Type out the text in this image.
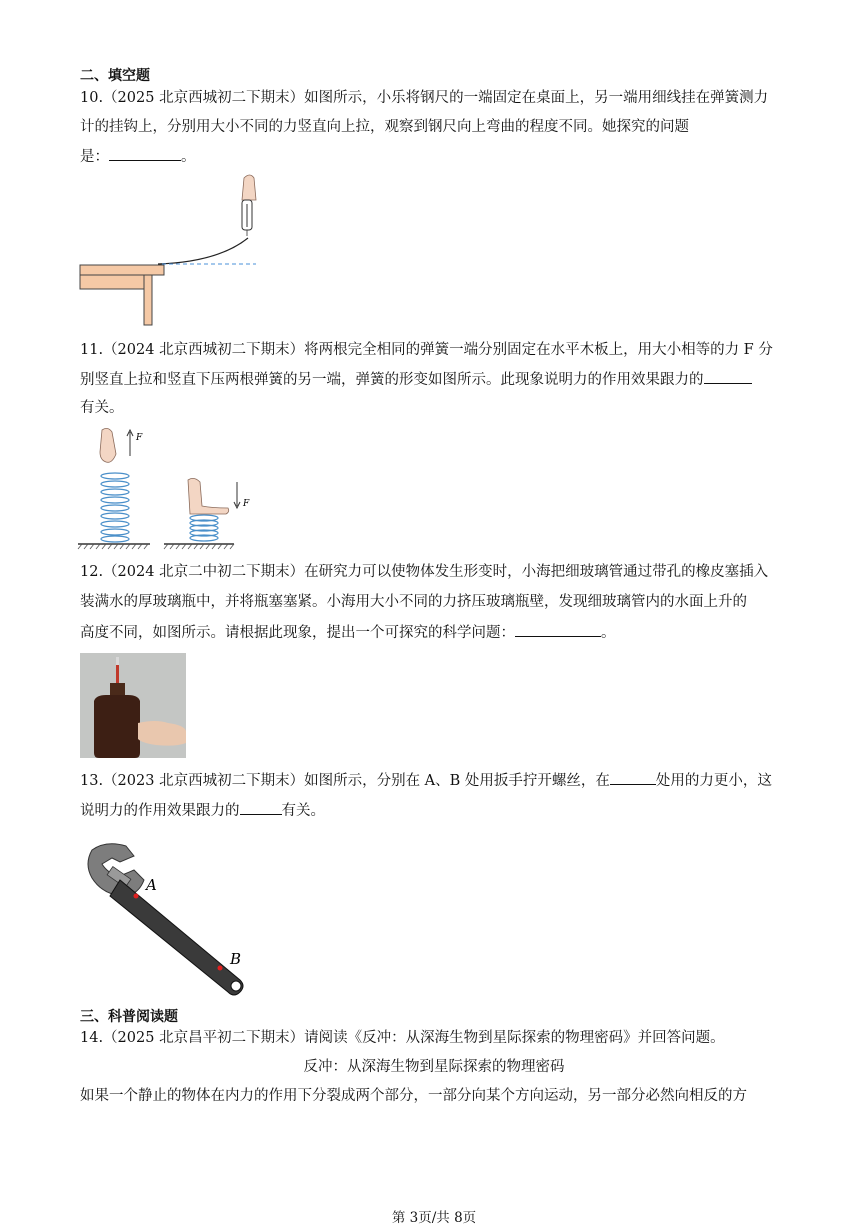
二、填空题
10.（2025 北京西城初二下期末）如图所示，小乐将钢尺的一端固定在桌面上，另一端用细线挂在弹簧测力
计的挂钩上，分别用大小不同的力竖直向上拉，观察到钢尺向上弯曲的程度不同。她探究的问题
是：	。
11.（2024 北京西城初二下期末）将两根完全相同的弹簧一端分别固定在水平木板上，用大小相等的力 F 分
别竖直上拉和竖直下压两根弹簧的另一端，弹簧的形变如图所示。此现象说明力的作用效果跟力的
有关。
F
F
12.（2024 北京二中初二下期末）在研究力可以使物体发生形变时，小海把细玻璃管通过带孔的橡皮塞插入
装满水的厚玻璃瓶中，并将瓶塞塞紧。小海用大小不同的力挤压玻璃瓶壁，发现细玻璃管内的水面上升的
高度不同，如图所示。请根据此现象，提出一个可探究的科学问题：	。
13.（2023 北京西城初二下期末）如图所示，分别在 A、B 处用扳手拧开螺丝，在	处用的力更小，这
说明力的作用效果跟力的	有关。
A
B
三、科普阅读题
14.（2025 北京昌平初二下期末）请阅读《反冲：从深海生物到星际探索的物理密码》并回答问题。
反冲：从深海生物到星际探索的物理密码
如果一个静止的物体在内力的作用下分裂成两个部分，一部分向某个方向运动，另一部分必然向相反的方
第 3页/共 8页
